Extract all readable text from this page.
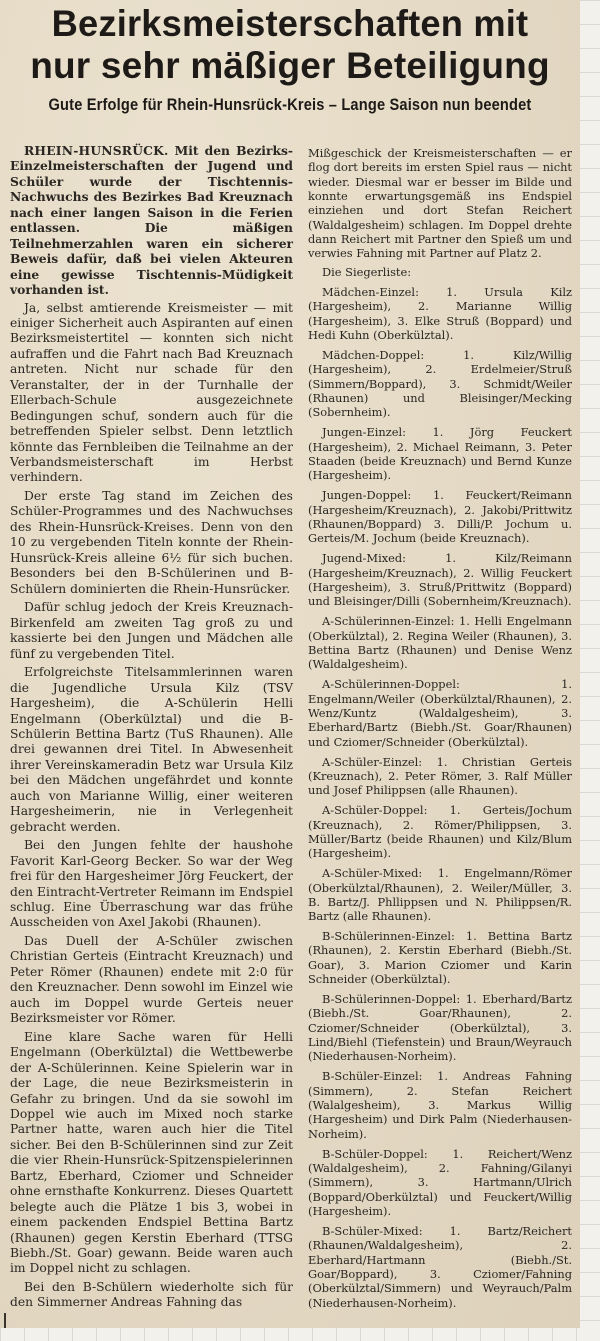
Bezirksmeisterschaften mit
nur sehr mäßiger Beteiligung
Gute Erfolge für Rhein-Hunsrück-Kreis – Lange Saison nun beendet

RHEIN-HUNSRÜCK. Mit den Bezirks-Einzelmeisterschaften der Jugend und Schüler wurde der Tischtennis-Nachwuchs des Bezirkes Bad Kreuznach nach einer langen Saison in die Ferien entlassen. Die mäßigen Teilnehmerzahlen waren ein sicherer Beweis dafür, daß bei vielen Akteuren eine gewisse Tischtennis-Müdigkeit vorhanden ist.

Ja, selbst amtierende Kreismeister — mit einiger Sicherheit auch Aspiranten auf einen Bezirksmeistertitel — konnten sich nicht aufraffen und die Fahrt nach Bad Kreuznach antreten. Nicht nur schade für den Veranstalter, der in der Turnhalle der Ellerbach-Schule ausgezeichnete Bedingungen schuf, sondern auch für die betreffenden Spieler selbst. Denn letztlich könnte das Fernbleiben die Teilnahme an der Verbandsmeisterschaft im Herbst verhindern.

Der erste Tag stand im Zeichen des Schüler-Programmes und des Nachwuchses des Rhein-Hunsrück-Kreises. Denn von den 10 zu vergebenden Titeln konnte der Rhein-Hunsrück-Kreis alleine 6½ für sich buchen. Besonders bei den B-Schülerinen und B-Schülern dominierten die Rhein-Hunsrücker.

Dafür schlug jedoch der Kreis Kreuznach-Birkenfeld am zweiten Tag groß zu und kassierte bei den Jungen und Mädchen alle fünf zu vergebenden Titel.

Erfolgreichste Titelsammlerinnen waren die Jugendliche Ursula Kilz (TSV Hargesheim), die A-Schülerin Helli Engelmann (Oberkülztal) und die B-Schülerin Bettina Bartz (TuS Rhaunen). Alle drei gewannen drei Titel. In Abwesenheit ihrer Vereinskameradin Betz war Ursula Kilz bei den Mädchen ungefährdet und konnte auch von Marianne Willig, einer weiteren Hargesheimerin, nie in Verlegenheit gebracht werden.

Bei den Jungen fehlte der haushohe Favorit Karl-Georg Becker. So war der Weg frei für den Hargesheimer Jörg Feuckert, der den Eintracht-Vertreter Reimann im Endspiel schlug. Eine Überraschung war das frühe Ausscheiden von Axel Jakobi (Rhaunen).

Das Duell der A-Schüler zwischen Christian Gerteis (Eintracht Kreuznach) und Peter Römer (Rhaunen) endete mit 2:0 für den Kreuznacher. Denn sowohl im Einzel wie auch im Doppel wurde Gerteis neuer Bezirksmeister vor Römer.

Eine klare Sache waren für Helli Engelmann (Oberkülztal) die Wettbewerbe der A-Schülerinnen. Keine Spielerin war in der Lage, die neue Bezirksmeisterin in Gefahr zu bringen. Und da sie sowohl im Doppel wie auch im Mixed noch starke Partner hatte, waren auch hier die Titel sicher. Bei den B-Schülerinnen sind zur Zeit die vier Rhein-Hunsrück-Spitzenspielerinnen Bartz, Eberhard, Cziomer und Schneider ohne ernsthafte Konkurrenz. Dieses Quartett belegte auch die Plätze 1 bis 3, wobei in einem packenden Endspiel Bettina Bartz (Rhaunen) gegen Kerstin Eberhard (TTSG Biebh./St. Goar) gewann. Beide waren auch im Doppel nicht zu schlagen.

Bei den B-Schülern wiederholte sich für den Simmerner Andreas Fahning das

Mißgeschick der Kreismeisterschaften — er flog dort bereits im ersten Spiel raus — nicht wieder. Diesmal war er besser im Bilde und konnte erwartungsgemäß ins Endspiel einziehen und dort Stefan Reichert (Waldalgesheim) schlagen. Im Doppel drehte dann Reichert mit Partner den Spieß um und verwies Fahning mit Partner auf Platz 2.

Die Siegerliste:

Mädchen-Einzel: 1. Ursula Kilz (Hargesheim), 2. Marianne Willig (Hargesheim), 3. Elke Struß (Boppard) und Hedi Kuhn (Oberkülztal).

Mädchen-Doppel: 1. Kilz/Willig (Hargesheim), 2. Erdelmeier/Struß (Simmern/Boppard), 3. Schmidt/Weiler (Rhaunen) und Bleisinger/Mecking (Sobernheim).

Jungen-Einzel: 1. Jörg Feuckert (Hargesheim), 2. Michael Reimann, 3. Peter Staaden (beide Kreuznach) und Bernd Kunze (Hargesheim).

Jungen-Doppel: 1. Feuckert/Reimann (Hargesheim/Kreuznach), 2. Jakobi/Prittwitz (Rhaunen/Boppard) 3. Dilli/P. Jochum u. Gerteis/M. Jochum (beide Kreuznach).

Jugend-Mixed: 1. Kilz/Reimann (Hargesheim/Kreuznach), 2. Willig Feuckert (Hargesheim), 3. Struß/Prittwitz (Boppard) und Bleisinger/Dilli (Sobernheim/Kreuznach).

A-Schülerinnen-Einzel: 1. Helli Engelmann (Oberkülztal), 2. Regina Weiler (Rhaunen), 3. Bettina Bartz (Rhaunen) und Denise Wenz (Waldalgesheim).

A-Schülerinnen-Doppel: 1. Engelmann/Weiler (Oberkülztal/Rhaunen), 2. Wenz/Kuntz (Waldalgesheim), 3. Eberhard/Bartz (Biebh./St. Goar/Rhaunen) und Cziomer/Schneider (Oberkülztal).

A-Schüler-Einzel: 1. Christian Gerteis (Kreuznach), 2. Peter Römer, 3. Ralf Müller und Josef Philippsen (alle Rhaunen).

A-Schüler-Doppel: 1. Gerteis/Jochum (Kreuznach), 2. Römer/Philippsen, 3. Müller/Bartz (beide Rhaunen) und Kilz/Blum (Hargesheim).

A-Schüler-Mixed: 1. Engelmann/Römer (Oberkülztal/Rhaunen), 2. Weiler/Müller, 3. B. Bartz/J. Phllippsen und N. Philippsen/R. Bartz (alle Rhaunen).

B-Schülerinnen-Einzel: 1. Bettina Bartz (Rhaunen), 2. Kerstin Eberhard (Biebh./St. Goar), 3. Marion Cziomer und Karin Schneider (Oberkülztal).

B-Schülerinnen-Doppel: 1. Eberhard/Bartz (Biebh./St. Goar/Rhaunen), 2. Cziomer/Schneider (Oberkülztal), 3. Lind/Biehl (Tiefenstein) und Braun/Weyrauch (Niederhausen-Norheim).

B-Schüler-Einzel: 1. Andreas Fahning (Simmern), 2. Stefan Reichert (Walalgesheim), 3. Markus Willig (Hargesheim) und Dirk Palm (Niederhausen-Norheim).

B-Schüler-Doppel: 1. Reichert/Wenz (Waldalgesheim), 2. Fahning/Gilanyi (Simmern), 3. Hartmann/Ulrich (Boppard/Oberkülztal) und Feuckert/Willig (Hargesheim).

B-Schüler-Mixed: 1. Bartz/Reichert (Rhaunen/Waldalgesheim), 2. Eberhard/Hartmann (Biebh./St. Goar/Boppard), 3. Cziomer/Fahning (Oberkülztal/Simmern) und Weyrauch/Palm (Niederhausen-Norheim).
